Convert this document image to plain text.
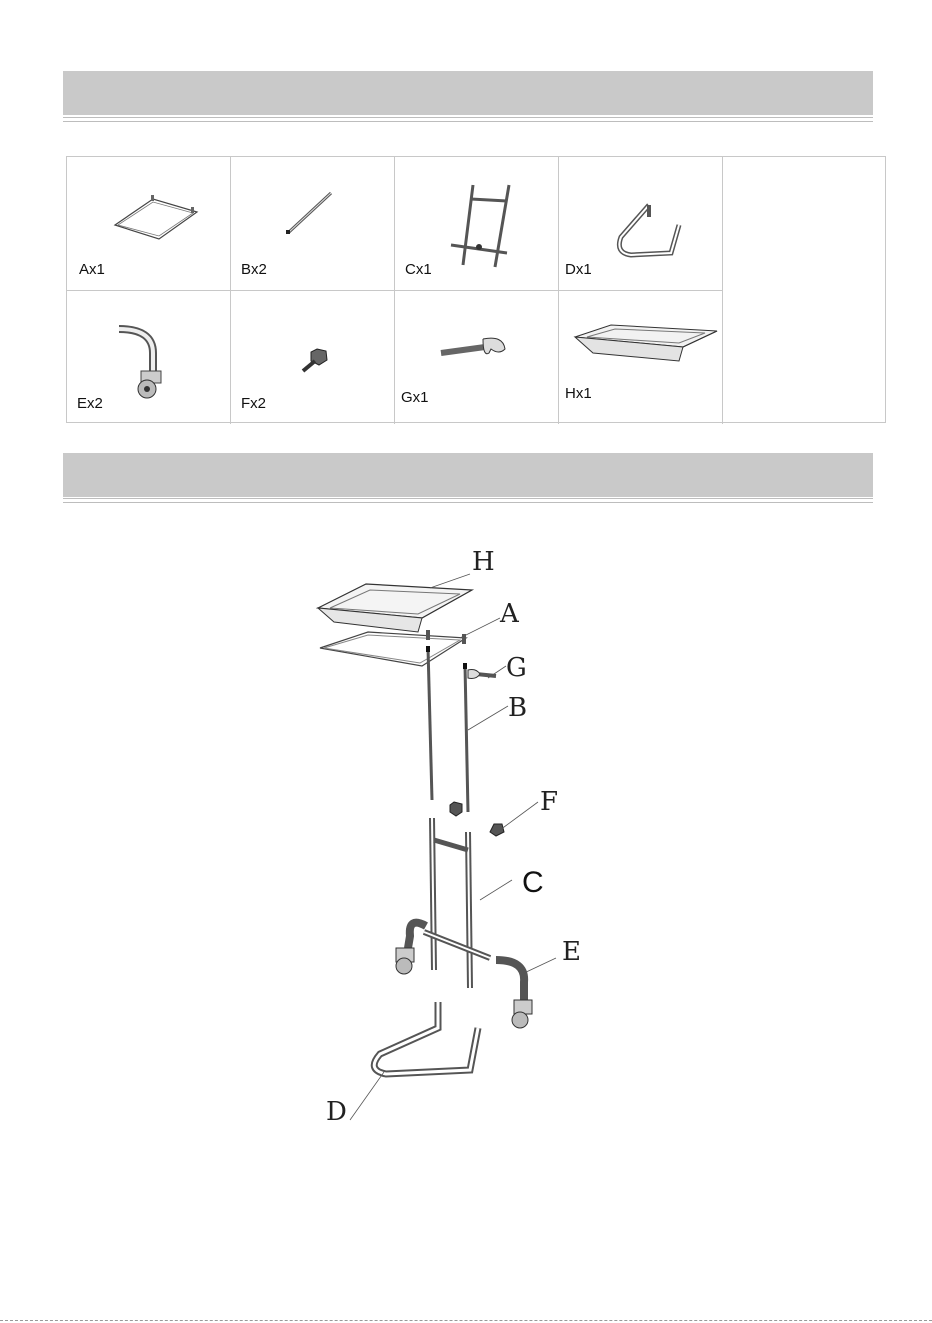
Ax1	Bx2	Cx1	Dx1
Ex2	Fx2	Gx1	Hx1
H
A
G
B
F
C
E
D
